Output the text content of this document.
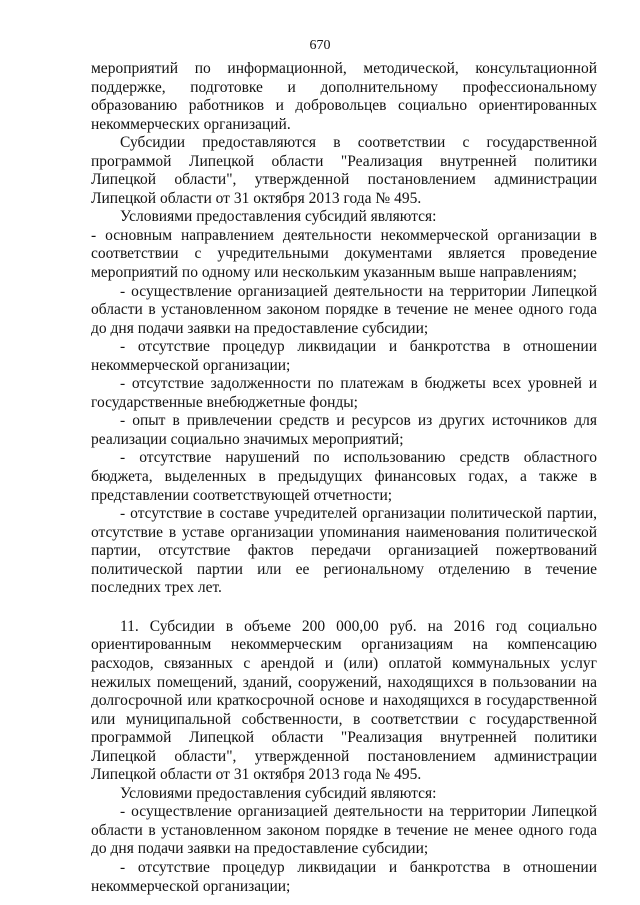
670

мероприятий по информационной, методической, консультационной поддержке, подготовке и дополнительному профессиональному образованию работников и добровольцев социально ориентированных некоммерческих организаций.

Субсидии предоставляются в соответствии с государственной программой Липецкой области "Реализация внутренней политики Липецкой области", утвержденной постановлением администрации Липецкой области от 31 октября 2013 года № 495.

Условиями предоставления субсидий являются:

- основным направлением деятельности некоммерческой организации в соответствии с учредительными документами является проведение мероприятий по одному или нескольким указанным выше направлениям;

- осуществление организацией деятельности на территории Липецкой области в установленном законом порядке в течение не менее одного года до дня подачи заявки на предоставление субсидии;

- отсутствие процедур ликвидации и банкротства в отношении некоммерческой организации;

- отсутствие задолженности по платежам в бюджеты всех уровней и государственные внебюджетные фонды;

- опыт в привлечении средств и ресурсов из других источников для реализации социально значимых мероприятий;

- отсутствие нарушений по использованию средств областного бюджета, выделенных в предыдущих финансовых годах, а также в представлении соответствующей отчетности;

- отсутствие в составе учредителей организации политической партии, отсутствие в уставе организации упоминания наименования политической партии, отсутствие фактов передачи организацией пожертвований политической партии или ее региональному отделению в течение последних трех лет.

11. Субсидии в объеме 200 000,00 руб. на 2016 год социально ориентированным некоммерческим организациям на компенсацию расходов, связанных с арендой и (или) оплатой коммунальных услуг нежилых помещений, зданий, сооружений, находящихся в пользовании на долгосрочной или краткосрочной основе и находящихся в государственной или муниципальной собственности, в соответствии с государственной программой Липецкой области "Реализация внутренней политики Липецкой области", утвержденной постановлением администрации Липецкой области от 31 октября 2013 года № 495.

Условиями предоставления субсидий являются:

- осуществление организацией деятельности на территории Липецкой области в установленном законом порядке в течение не менее одного года до дня подачи заявки на предоставление субсидии;

- отсутствие процедур ликвидации и банкротства в отношении некоммерческой организации;
